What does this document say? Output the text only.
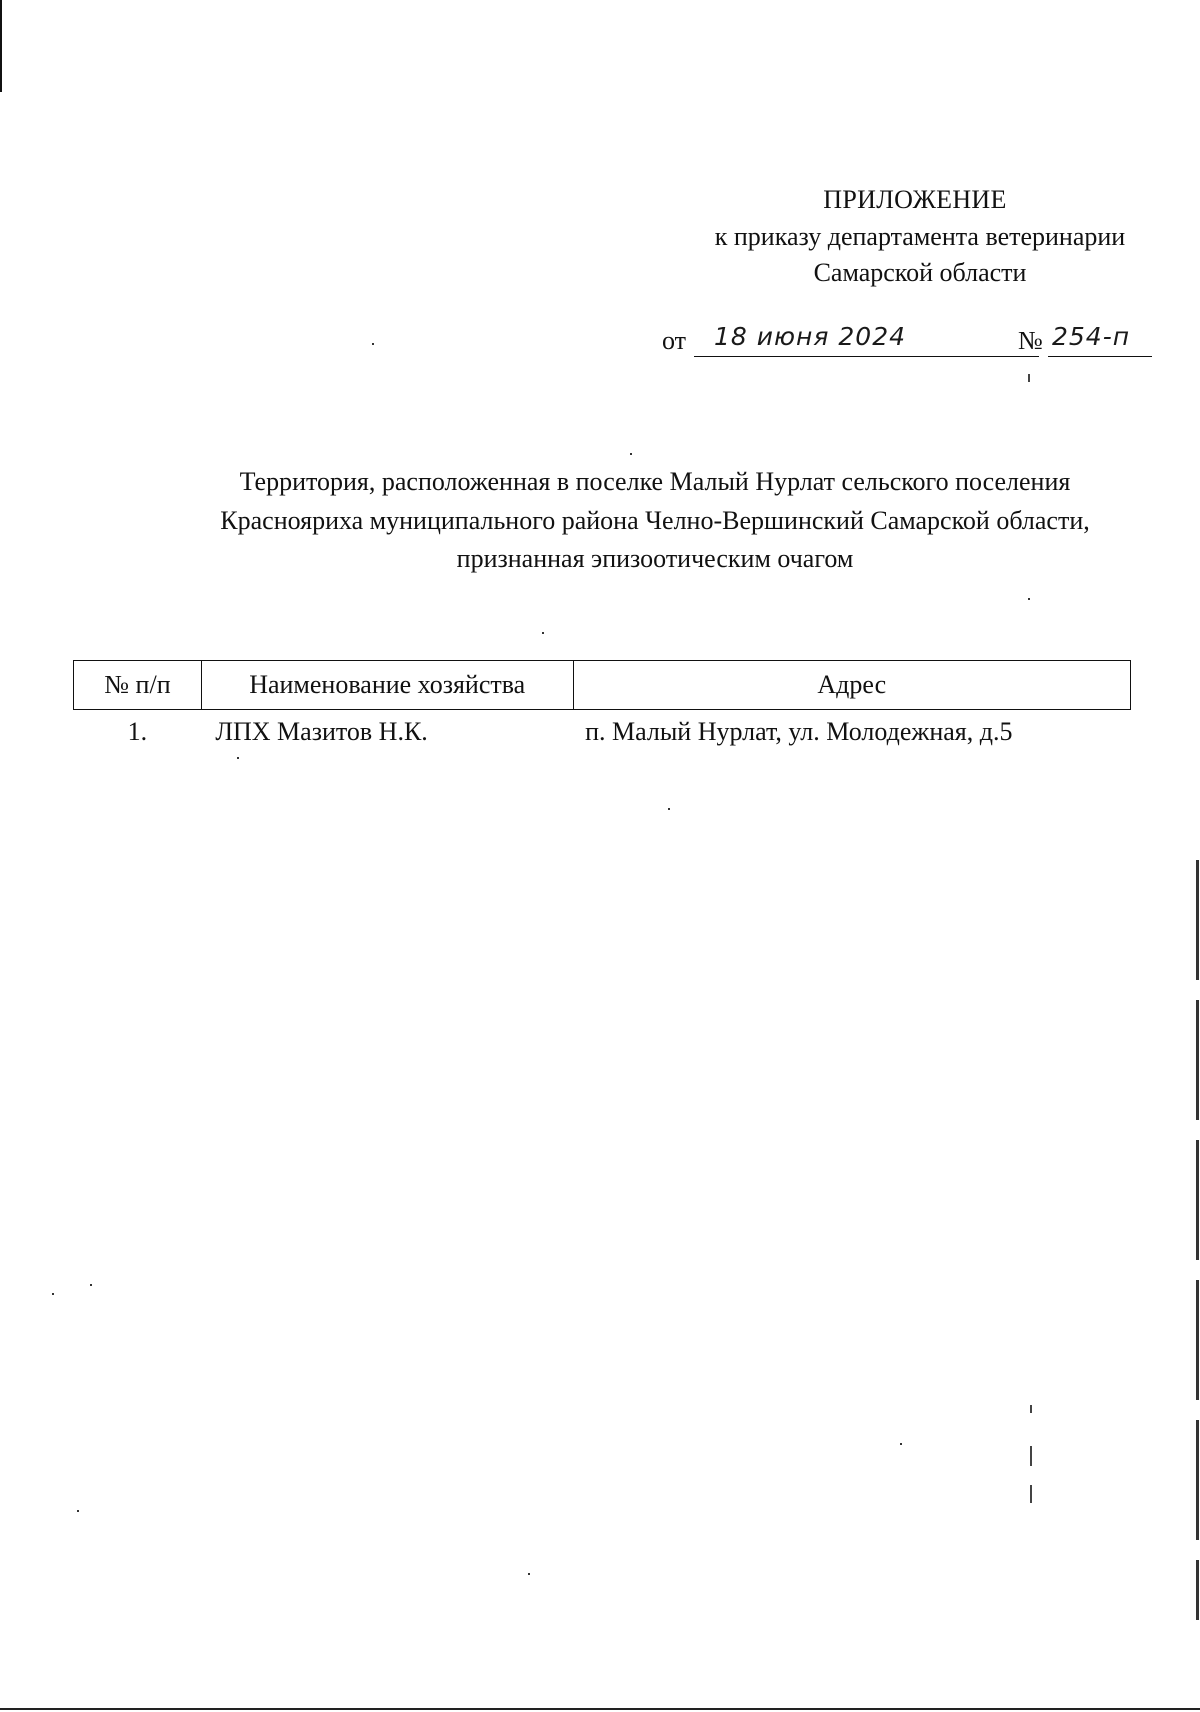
ПРИЛОЖЕНИЕ
к приказу департамента ветеринарии
Самарской области
от 18 июня 2024	№ 254-п
Территория, расположенная в поселке Малый Нурлат сельского поселения
Краснояриха муниципального района Челно-Вершинский Самарской области,
признанная эпизоотическим очагом
№ п/п	Наименование хозяйства	Адрес
1.	ЛПХ Мазитов Н.К.	п. Малый Нурлат, ул. Молодежная, д.5
